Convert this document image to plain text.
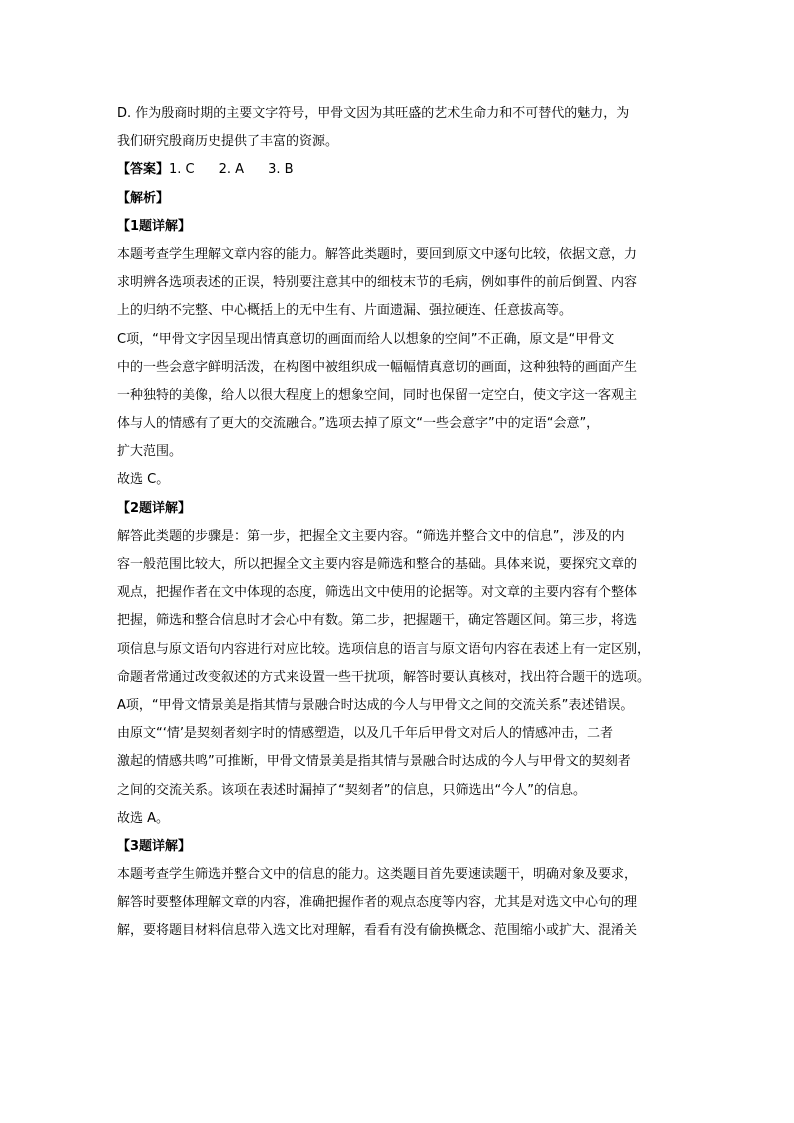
D. 作为殷商时期的主要文字符号，甲骨文因为其旺盛的艺术生命力和不可替代的魅力，为
我们研究殷商历史提供了丰富的资源。
【答案】1. C 2. A 3. B
【解析】
【1题详解】
本题考查学生理解文章内容的能力。解答此类题时，要回到原文中逐句比较，依据文意，力
求明辨各选项表述的正误，特别要注意其中的细枝末节的毛病，例如事件的前后倒置、内容
上的归纳不完整、中心概括上的无中生有、片面遗漏、强拉硬连、任意拔高等。
C项，“甲骨文字因呈现出情真意切的画面而给人以想象的空间”不正确，原文是“甲骨文
中的一些会意字鲜明活泼，在构图中被组织成一幅幅情真意切的画面，这种独特的画面产生
一种独特的美像，给人以很大程度上的想象空间，同时也保留一定空白，使文字这一客观主
体与人的情感有了更大的交流融合。”选项去掉了原文“一些会意字”中的定语“会意”，
扩大范围。
故选 C。
【2题详解】
解答此类题的步骤是：第一步，把握全文主要内容。“筛选并整合文中的信息”，涉及的内
容一般范围比较大，所以把握全文主要内容是筛选和整合的基础。具体来说，要探究文章的
观点，把握作者在文中体现的态度，筛选出文中使用的论据等。对文章的主要内容有个整体
把握，筛选和整合信息时才会心中有数。第二步，把握题干，确定答题区间。第三步，将选
项信息与原文语句内容进行对应比较。选项信息的语言与原文语句内容在表述上有一定区别，
命题者常通过改变叙述的方式来设置一些干扰项，解答时要认真核对，找出符合题干的选项。
A项，“甲骨文情景美是指其情与景融合时达成的今人与甲骨文之间的交流关系”表述错误。
由原文“‘情’是契刻者刻字时的情感塑造，以及几千年后甲骨文对后人的情感冲击，二者
激起的情感共鸣”可推断，甲骨文情景美是指其情与景融合时达成的今人与甲骨文的契刻者
之间的交流关系。该项在表述时漏掉了“契刻者”的信息，只筛选出“今人”的信息。
故选 A。
【3题详解】
本题考查学生筛选并整合文中的信息的能力。这类题目首先要速读题干，明确对象及要求，
解答时要整体理解文章的内容，准确把握作者的观点态度等内容，尤其是对选文中心句的理
解，要将题目材料信息带入选文比对理解，看看有没有偷换概念、范围缩小或扩大、混淆关
